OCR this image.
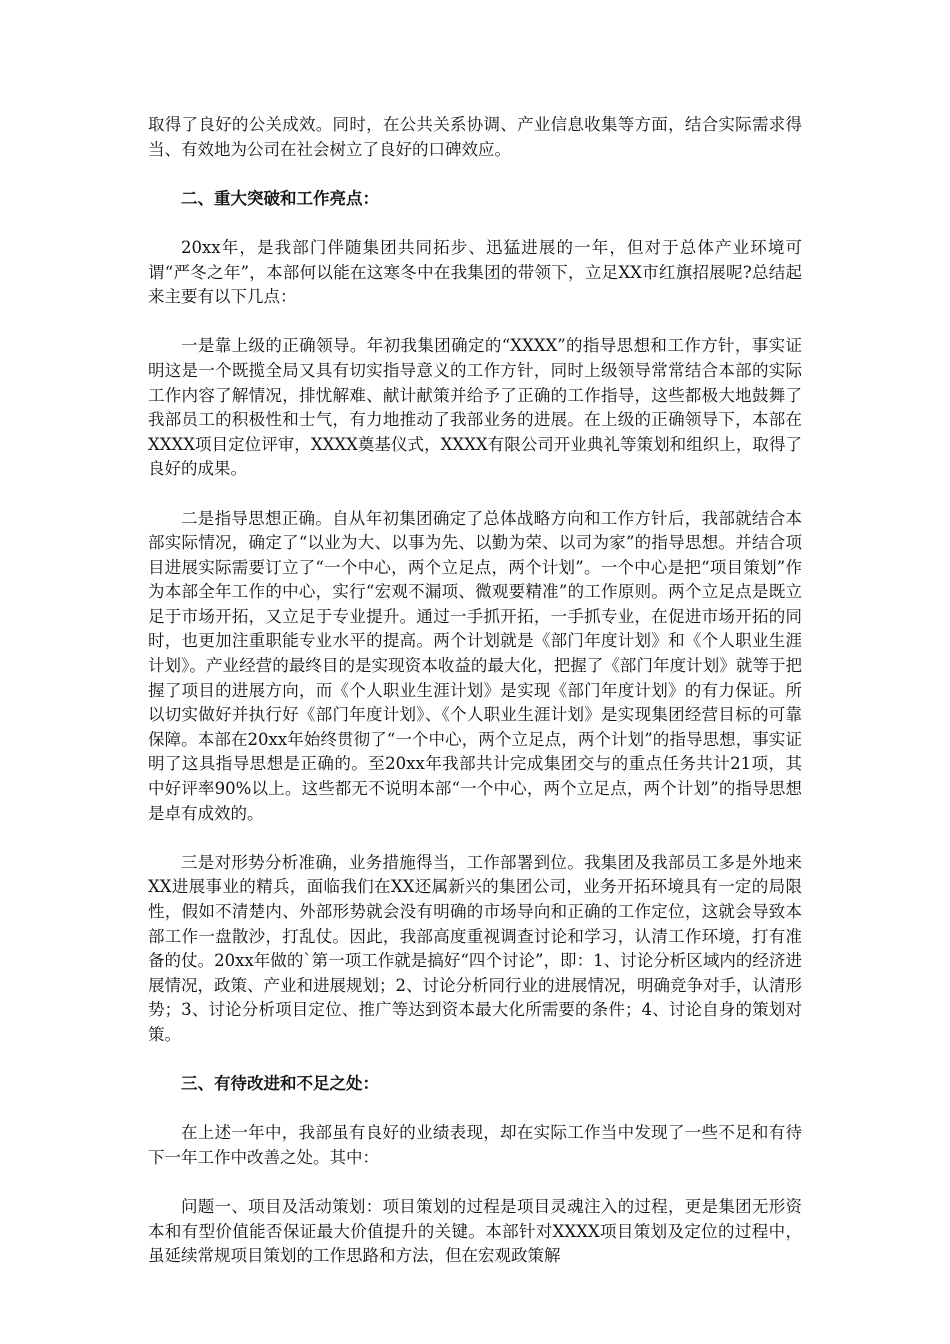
取得了良好的公关成效。同时，在公共关系协调、产业信息收集等方面，结合实际需求得当、有效地为公司在社会树立了良好的口碑效应。

二、重大突破和工作亮点：

20xx年，是我部门伴随集团共同拓步、迅猛进展的一年，但对于总体产业环境可谓“严冬之年”，本部何以能在这寒冬中在我集团的带领下，立足XX市红旗招展呢?总结起来主要有以下几点：

一是靠上级的正确领导。年初我集团确定的“XXXX”的指导思想和工作方针，事实证明这是一个既揽全局又具有切实指导意义的工作方针，同时上级领导常常结合本部的实际工作内容了解情况，排忧解难、献计献策并给予了正确的工作指导，这些都极大地鼓舞了我部员工的积极性和士气，有力地推动了我部业务的进展。在上级的正确领导下，本部在XXXX项目定位评审，XXXX奠基仪式，XXXX有限公司开业典礼等策划和组织上，取得了良好的成果。

二是指导思想正确。自从年初集团确定了总体战略方向和工作方针后，我部就结合本部实际情况，确定了“以业为大、以事为先、以勤为荣、以司为家”的指导思想。并结合项目进展实际需要订立了“一个中心，两个立足点，两个计划”。一个中心是把“项目策划”作为本部全年工作的中心，实行“宏观不漏项、微观要精准”的工作原则。两个立足点是既立足于市场开拓，又立足于专业提升。通过一手抓开拓，一手抓专业，在促进市场开拓的同时，也更加注重职能专业水平的提高。两个计划就是《部门年度计划》和《个人职业生涯计划》。产业经营的最终目的是实现资本收益的最大化，把握了《部门年度计划》就等于把握了项目的进展方向，而《个人职业生涯计划》是实现《部门年度计划》的有力保证。所以切实做好并执行好《部门年度计划》、《个人职业生涯计划》是实现集团经营目标的可靠保障。本部在20xx年始终贯彻了“一个中心，两个立足点，两个计划”的指导思想，事实证明了这具指导思想是正确的。至20xx年我部共计完成集团交与的重点任务共计21项，其中好评率90%以上。这些都无不说明本部“一个中心，两个立足点，两个计划”的指导思想是卓有成效的。

三是对形势分析准确，业务措施得当，工作部署到位。我集团及我部员工多是外地来XX进展事业的精兵，面临我们在XX还属新兴的集团公司，业务开拓环境具有一定的局限性，假如不清楚内、外部形势就会没有明确的市场导向和正确的工作定位，这就会导致本部工作一盘散沙，打乱仗。因此，我部高度重视调查讨论和学习，认清工作环境，打有准备的仗。20xx年做的`第一项工作就是搞好“四个讨论”，即：1、讨论分析区域内的经济进展情况，政策、产业和进展规划；2、讨论分析同行业的进展情况，明确竞争对手，认清形势；3、讨论分析项目定位、推广等达到资本最大化所需要的条件；4、讨论自身的策划对策。

三、有待改进和不足之处：

在上述一年中，我部虽有良好的业绩表现，却在实际工作当中发现了一些不足和有待下一年工作中改善之处。其中：

问题一、项目及活动策划：项目策划的过程是项目灵魂注入的过程，更是集团无形资本和有型价值能否保证最大价值提升的关键。本部针对XXXX项目策划及定位的过程中，虽延续常规项目策划的工作思路和方法，但在宏观政策解
